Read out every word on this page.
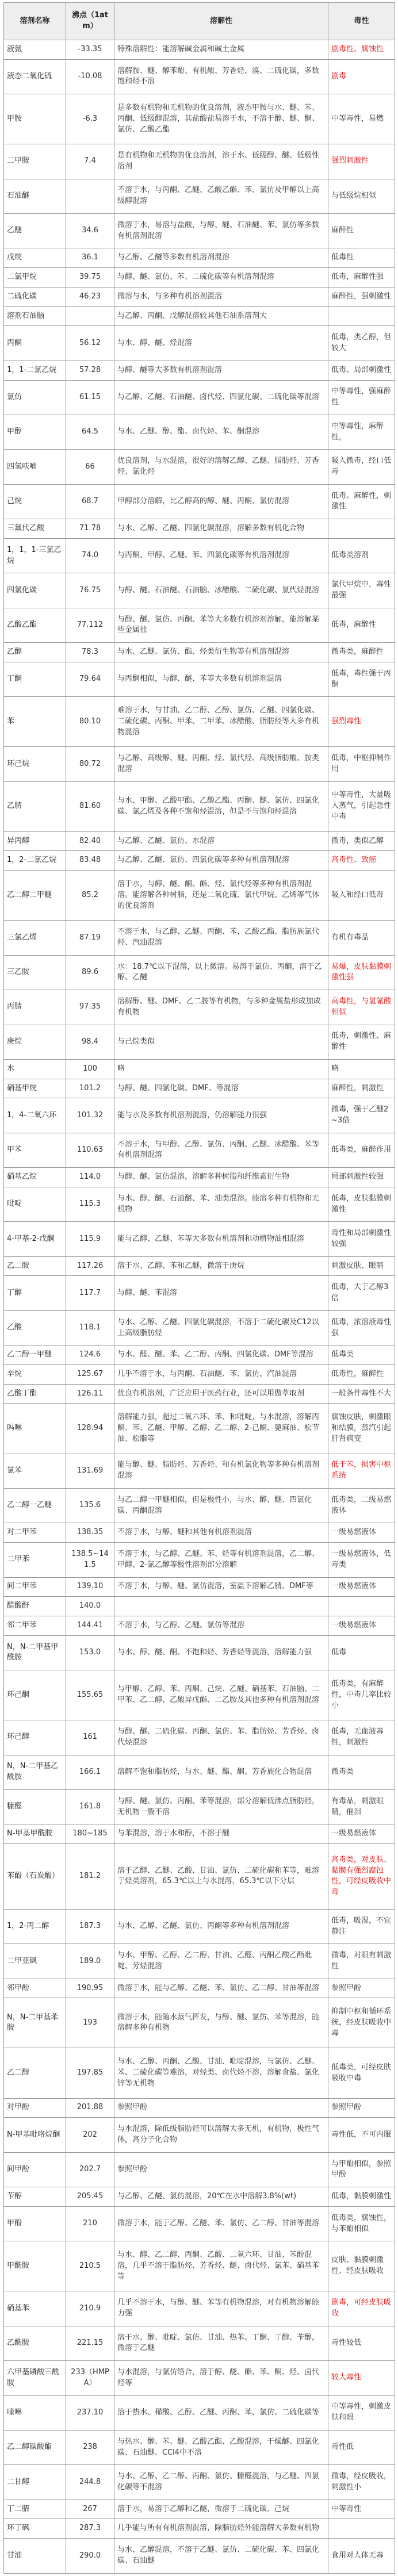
溶剂名称	沸点（1atm）	溶解性	毒性
液氨	-33.35	特殊溶解性：能溶解碱金属和碱土金属	剧毒性、腐蚀性
液态二氧化硫	-10.08	溶解胺、醚、醇苯酚、有机酸、芳香烃、溴、二硫化碳，多数饱和烃不溶	剧毒
甲胺	-6.3	是多数有机物和无机物的优良溶剂，液态甲胺与水、醚、苯、丙酮、低级醇混溶，其盐酸盐易溶于水，不溶于醇、醚、酮、氯仿、乙酸乙酯	中等毒性，易燃
二甲胺	7.4	是有机物和无机物的优良溶剂，溶于水、低级醇、醚、低极性溶剂	强烈刺激性
石油醚		不溶于水，与丙酮、乙醚、乙酸乙酯、苯、氯仿及甲醇以上高级醇混溶	与低级烷相似
乙醚	34.6	微溶于水，易溶与盐酸，与醇、醚、石油醚、苯、氯仿等多数有机溶剂混溶	麻醉性
戊烷	36.1	与乙醇、乙醚等多数有机溶剂混溶	低毒性
二氯甲烷	39.75	与醇、醚、氯仿、苯、二硫化碳等有机溶剂混溶	低毒，麻醉性强
二硫化碳	46.23	微溶与水，与多种有机溶剂混溶	麻醉性，强刺激性
溶剂石油脑		与乙醇、丙酮、戊醇混溶较其他石油系溶剂大	
丙酮	56.12	与水、醇、醚、烃混溶	低毒，类乙醇，但较大
1，1-二氯乙烷	57.28	与醇、醚等大多数有机溶剂混溶	低毒、局部刺激性
氯仿	61.15	与乙醇、乙醚、石油醚、卤代烃、四氯化碳、二硫化碳等混溶	中等毒性，强麻醉性
甲醇	64.5	与水、乙醚、醇、酯、卤代烃、苯、酮混溶	中等毒性，麻醉性，
四氢呋喃	66	优良溶剂，与水混溶，很好的溶解乙醇、乙醚、脂肪烃、芳香烃、氯化烃	吸入微毒，经口低毒
己烷	68.7	甲醇部分溶解，比乙醇高的醇、醚、丙酮、氯仿混溶	低毒。麻醉性，刺激性
三氟代乙酸	71.78	与水、乙醇、乙醚、四氯化碳混溶，溶解多数有机化合物	
1，1，1-三氯乙烷	74.0	与丙酮、甲醇、乙醚、苯、四氯化碳等有机溶剂混溶	低毒类溶剂
四氯化碳	76.75	与醇、醚、石油醚、石油脑、冰醋酸、二硫化碳、氯代烃混溶	氯代甲烷中，毒性最强
乙酸乙酯	77.112	与醇、醚、氯仿、丙酮、苯等大多数有机溶剂溶解，能溶解某些金属盐	低毒，麻醉性
乙醇	78.3	与水、乙醚、氯仿、酯、烃类衍生物等有机溶剂混溶	微毒类，麻醉性
丁酮	79.64	与丙酮相似，与醇、醚、苯等大多数有机溶剂混溶	低毒，毒性强于丙酮
苯	80.10	难溶于水，与甘油、乙二醇、乙醇、氯仿、乙醚、四氯化碳、二硫化碳、丙酮、甲苯、二甲苯、冰醋酸、脂肪烃等大多有机物混溶	强烈毒性
环己烷	80.72	与乙醇、高级醇、醚、丙酮、烃、氯代烃、高级脂肪酸、胺类混溶	低毒，中枢抑制作用
乙腈	81.60	与水、甲醇、乙酸甲酯、乙酸乙酯、丙酮、醚、氯仿、四氯化碳、氯乙烯及各种不饱和烃混溶，但是不与饱和烃混溶	中等毒性，大量吸入蒸气，引起急性中毒
异丙醇	82.40	与乙醇、乙醚、氯仿、水混溶	微毒，类似乙醇
1，2-二氯乙烷	83.48	与乙醇、乙醚、氯仿、四氯化碳等多种有机溶剂混溶	高毒性、致癌
乙二醇二甲醚	85.2	溶于水，与醇、醚、酮、酯、烃、氯代烃等多种有机溶剂混溶。能溶解各种树脂，还是二氧化硫、氯代甲烷、乙烯等气体的优良溶剂	吸入和经口低毒
三氯乙烯	87.19	不溶于水，与乙醇、乙醚、丙酮、苯、乙酸乙酯、脂肪族氯代烃、汽油混溶	有机有毒品
三乙胺	89.6	水：18.7℃以下混溶，以上微溶。易溶于氯仿、丙酮，溶于乙醇、乙醚	易爆，皮肤黏膜刺激性强
丙腈	97.35	溶解醇、醚、DMF、乙二胺等有机物，与多种金属盐形成加成有机物	高毒性，与氢氰酸相似
庚烷	98.4	与己烷类似	低毒，刺激性、麻醉性
水	100	略	略
硝基甲烷	101.2	与醇、醚、四氯化碳、DMF、等混溶	麻醉性，刺激性
1，4-二氧六环	101.32	能与水及多数有机溶剂混溶，仍溶解能力很强	微毒，强于乙醚2~3倍
甲苯	110.63	不溶于水，与甲醇、乙醇、氯仿、丙酮、乙醚、冰醋酸、苯等有机溶剂混溶	低毒类，麻醉作用
硝基乙烷	114.0	与醇、醚、氯仿混溶，溶解多种树脂和纤维素衍生物	局部刺激性较强
吡啶	115.3	与水、醇、醚、石油醚、苯、油类混溶。能溶多种有机物和无机物	低毒，皮肤黏膜刺激性
4-甲基-2-戊酮	115.9	能与乙醇、乙醚、苯等大多数有机溶剂和动植物油相混溶	毒性和局部刺激性较强
乙二胺	117.26	溶于水、乙醇、苯和乙醚，微溶于庚烷	刺激皮肤、眼睛
丁醇	117.7	与醇、醚、苯混溶	低毒，大于乙醇3倍
乙酸	118.1	与水、乙醇、乙醚、四氯化碳混溶，不溶于二硫化碳及C12以上高级脂肪烃	低毒，浓溶液毒性强
乙二醇一甲醚	124.6	与水、醛、醚、苯、乙二醇、丙酮、四氯化碳、DMF等混溶	低毒类
辛烷	125.67	几乎不溶于水，与丙酮、石油醚、苯、氯仿、汽油混溶	低毒性，麻醉性
乙酸丁酯	126.11	优良有机溶剂，广泛应用于医药行业，还可以用做萃取剂	一般条件毒性不大
吗啉	128.94	溶解能力强，超过二氧六环、苯、和吡啶，与水混溶，溶解丙酮、苯、乙醚、甲醇、乙醇、乙二醇、2-己酮、蓖麻油、松节油、松脂等	腐蚀皮肤，刺激眼和结膜，蒸汽引起肝肾病变
氯苯	131.69	能与醇、醚、脂肪烃、芳香烃、和有机氯化物等多种有机溶剂混溶	低于苯，损害中枢系统
乙二醇一乙醚	135.6	与乙二醇一甲醚相似，但是极性小，与水、醇、醚、四氯化碳、丙酮混溶	低毒类，二级易燃液体
对二甲苯	138.35	不溶于水，与醇、醚和其他有机溶剂混溶	一级易燃液体
二甲苯	138.5~141.5	不溶于水，与乙醇、乙醚、苯、烃等有机溶剂混溶，乙二醇、甲醇、2-氯乙醇等极性溶剂部分溶解	一级易燃液体，低毒类
间二甲苯	139.10	不溶于水，与醇、醚、氯仿混溶，室温下溶解乙腈、DMF等	一级易燃液体
醋酸酐	140.0		
邻二甲苯	144.41	不溶于水，与乙醇、乙醚、氯仿等混溶	一级易燃液体
N，N-二甲基甲酰胺	153.0	与水、醇、醚、酮、不饱和烃、芳香烃等混溶，溶解能力强	低毒
环己酮	155.65	与甲醇、乙醇、苯、丙酮、己烷、乙醚、硝基苯、石油脑、二甲苯、乙二醇、乙酸异戊酯、二乙胺及其他多种有机溶剂混溶	低毒类，有麻醉性，中毒几率比较小
环己醇	161	与醇、醚、二硫化碳、丙酮、氯仿、苯、脂肪烃、芳香烃、卤代烃混溶	低毒，无血液毒性，刺激性
N，N-二甲基乙酰胺	166.1	溶解不饱和脂肪烃，与水、醚、酯、酮、芳香族化合物混溶	微毒类
糠醛	161.8	与醇、醚、氯仿、丙酮、苯等混溶，部分溶解低沸点脂肪烃，无机物一般不溶	有毒品，刺激眼睛，催泪
N-甲基甲酰胺	180~185	与苯混溶，溶于水和醇，不溶于醚	一级易燃液体
苯酚（石炭酸）	181.2	溶于乙醇、乙醚、乙酸、甘油、氯仿、二硫化碳和苯等，难溶于烃类溶剂，65.3℃以上与水混溶，65.3℃以下分层	高毒类，对皮肤、黏膜有强烈腐蚀性，可经皮吸收中毒
1，2-丙二醇	187.3	与水、乙醇、乙醚、氯仿、丙酮等多种有机溶剂混溶	低毒，吸湿，不宜静注
二甲亚砜	189.0	与水、甲醇、乙醇、乙二醇、甘油、乙醛、丙酮乙酸乙酯吡啶、芳烃混溶	微毒，对眼有刺激性
邻甲酚	190.95	微溶于水，能与乙醇、乙醚、苯、氯仿、乙二醇、甘油等混溶	参照甲酚
N，N-二甲基苯胺	193	微溶于水，能随水蒸气挥发，与醇、醚、氯仿、苯等混溶，能溶解多种有机物	抑制中枢和循环系统，经皮肤吸收中毒
乙二醇	197.85	与水、乙醇、丙酮、乙酸、甘油、吡啶混溶，与氯仿、乙醚、苯、二硫化碳等难溶，对烃类、卤代烃不溶，溶解食盐、氯化锌等无机物	低毒类，可经皮肤吸收中毒
对甲酚	201.88	参照甲酚	参照甲酚
N-甲基吡咯烷酮	202	与水混溶，除低级脂肪烃可以溶解大多无机，有机物，极性气体，高分子化合物	毒性低，不可内服
间甲酚	202.7	参照甲酚	与甲酚相似，参照甲酚
苄醇	205.45	与乙醇、乙醚、氯仿混溶，20℃在水中溶解3.8%(wt)	低毒，黏膜刺激性
甲酚	210	微溶于水，能于乙醇、乙醚、苯、氯仿、乙二醇、甘油等混溶	低毒类，腐蚀性，与苯酚相似
甲酰胺	210.5	与水、醇、乙二醇、丙酮、乙酸、二氧六环、甘油、苯酚混溶，几乎不溶于脂肪烃、芳香烃、醚、卤代烃、氯苯、硝基苯等	皮肤、黏膜刺激性、经皮肤吸收
硝基苯	210.9	几乎不溶于水，与醇、醚、苯等有机物混溶，对有机物溶解能力强	剧毒，可经皮肤吸收
乙酰胺	221.15	溶于水、醇、吡啶、氯仿、甘油、热苯、丁酮、丁醇、苄醇，微溶于乙醚	毒性较低
六甲基磷酸三酰胺	233（HMPA）	与水混溶，与氯仿络合，溶于醇、醚、酯、苯、酮、烃、卤代烃等	较大毒性
喹啉	237.10	溶于热水、稀酸、乙醇、乙醚、丙酮、苯、氯仿、二硫化碳等	中等毒性，刺激皮肤和眼
乙二醇碳酸酯	238	与热水、醇、苯、醚、乙酸乙酯、乙酸混溶，干燥醚、四氯化碳、石油醚、CCl4中不溶	毒性低
二甘醇	244.8	与水、乙醇、乙二醇、丙酮、氯仿、糠醛混溶，与乙醚、四氯化碳等不混溶	微毒，经皮吸收，刺激性小
丁二腈	267	溶于水，易溶于乙醇和乙醚，微溶于二硫化碳、己烷	中等毒性
环丁砜	287.3	几乎能与所有有机溶剂混溶，除脂肪烃外能溶解大多数有机物	
甘油	290.0	与水、乙醇混溶，不溶于乙醚、氯仿、二硫化碳、苯、四氯化碳、石油醚	食用对人体无毒
